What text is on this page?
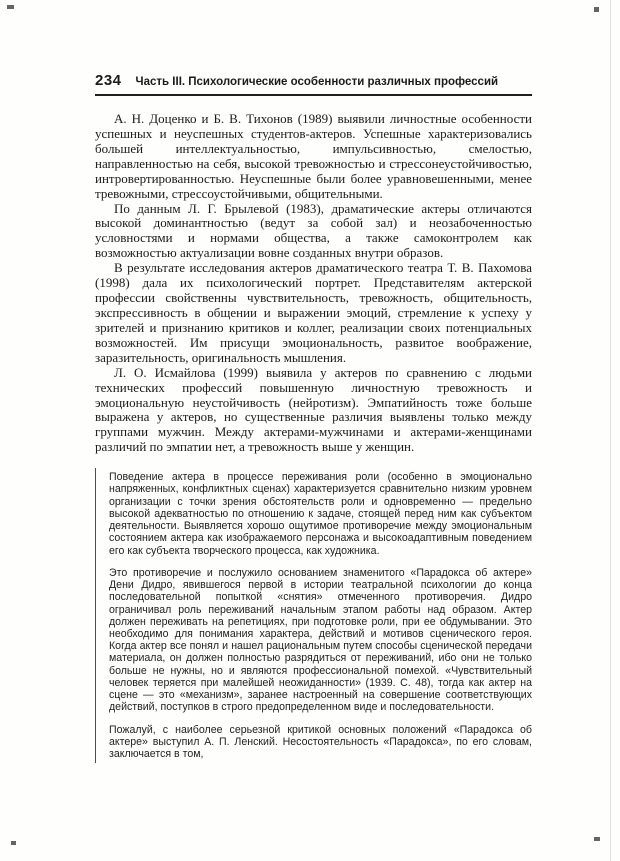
234 Часть III. Психологические особенности различных профессий

А. Н. Доценко и Б. В. Тихонов (1989) выявили личностные особенности успешных и неуспешных студентов-актеров. Успешные характеризовались большей интеллектуальностью, импульсивностью, смелостью, направленностью на себя, высокой тревожностью и стрессонеустойчивостью, интровертированностью. Неуспешные были более уравновешенными, менее тревожными, стрессоустойчивыми, общительными.

По данным Л. Г. Брылевой (1983), драматические актеры отличаются высокой доминантностью (ведут за собой зал) и неозабоченностью условностями и нормами общества, а также самоконтролем как возможностью актуализации вовне созданных внутри образов.

В результате исследования актеров драматического театра Т. В. Пахомова (1998) дала их психологический портрет. Представителям актерской профессии свойственны чувствительность, тревожность, общительность, экспрессивность в общении и выражении эмоций, стремление к успеху у зрителей и признанию критиков и коллег, реализации своих потенциальных возможностей. Им присущи эмоциональность, развитое воображение, заразительность, оригинальность мышления.

Л. О. Исмайлова (1999) выявила у актеров по сравнению с людьми технических профессий повышенную личностную тревожность и эмоциональную неустойчивость (нейротизм). Эмпатийность тоже больше выражена у актеров, но существенные различия выявлены только между группами мужчин. Между актерами-мужчинами и актерами-женщинами различий по эмпатии нет, а тревожность выше у женщин.

Поведение актера в процессе переживания роли (особенно в эмоционально напряженных, конфликтных сценах) характеризуется сравнительно низким уровнем организации с точки зрения обстоятельств роли и одновременно — предельно высокой адекватностью по отношению к задаче, стоящей перед ним как субъектом деятельности. Выявляется хорошо ощутимое противоречие между эмоциональным состоянием актера как изображаемого персонажа и высокоадаптивным поведением его как субъекта творческого процесса, как художника.

Это противоречие и послужило основанием знаменитого «Парадокса об актере» Дени Дидро, явившегося первой в истории театральной психологии до конца последовательной попыткой «снятия» отмеченного противоречия. Дидро ограничивал роль переживаний начальным этапом работы над образом. Актер должен переживать на репетициях, при подготовке роли, при ее обдумывании. Это необходимо для понимания характера, действий и мотивов сценического героя. Когда актер все понял и нашел рациональным путем способы сценической передачи материала, он должен полностью разрядиться от переживаний, ибо они не только больше не нужны, но и являются профессиональной помехой. «Чувствительный человек теряется при малейшей неожиданности» (1939. С. 48), тогда как актер на сцене — это «механизм», заранее настроенный на совершение соответствующих действий, поступков в строго предопределенном виде и последовательности.

Пожалуй, с наиболее серьезной критикой основных положений «Парадокса об актере» выступил А. П. Ленский. Несостоятельность «Парадокса», по его словам, заключается в том,
